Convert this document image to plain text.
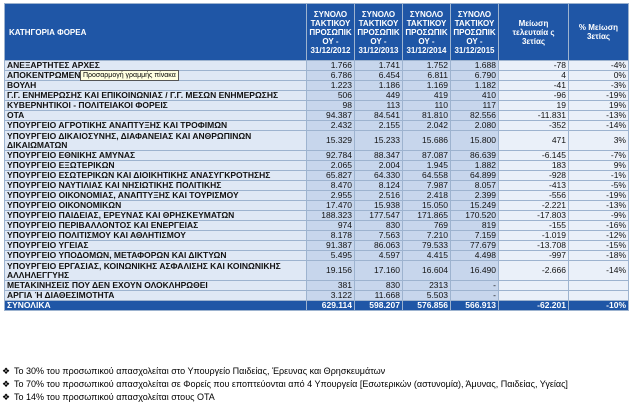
ΚΑΤΗΓΟΡΙΑ ΦΟΡΕΑ	ΣΥΝΟΛΟ ΤΑΚΤΙΚΟΥ ΠΡΟΣΩΠΙΚ ΟΥ - 31/12/2012	ΣΥΝΟΛΟ ΤΑΚΤΙΚΟΥ ΠΡΟΣΩΠΙΚ ΟΥ - 31/12/2013	ΣΥΝΟΛΟ ΤΑΚΤΙΚΟΥ ΠΡΟΣΩΠΙΚ ΟΥ - 31/12/2014	ΣΥΝΟΛΟ ΤΑΚΤΙΚΟΥ ΠΡΟΣΩΠΙΚ ΟΥ - 31/12/2015	Μείωση τελευταία ς 3ετίας	% Μείωση 3ετίας
ΑΝΕΞΑΡΤΗΤΕΣ ΑΡΧΕΣ	1.766	1.741	1.752	1.688	-78	-4%
ΑΠΟΚΕΝΤΡΩΜΕΝ	6.786	6.454	6.811	6.790	4	0%
ΒΟΥΛΗ	1.223	1.186	1.169	1.182	-41	-3%
Γ.Γ. ΕΝΗΜΕΡΩΣΗΣ ΚΑΙ ΕΠΙΚΟΙΝΩΝΙΑΣ / Γ.Γ. ΜΕΣΩΝ ΕΝΗΜΕΡΩΣΗΣ	506	449	419	410	-96	-19%
ΚΥΒΕΡΝΗΤΙΚΟΙ - ΠΟΛΙΤΕΙΑΚΟΙ ΦΟΡΕΙΣ	98	113	110	117	19	19%
ΟΤΑ	94.387	84.541	81.810	82.556	-11.831	-13%
ΥΠΟΥΡΓΕΙΟ ΑΓΡΟΤΙΚΗΣ ΑΝΑΠΤΥΞΗΣ ΚΑΙ ΤΡΟΦΙΜΩΝ	2.432	2.155	2.042	2.080	-352	-14%
ΥΠΟΥΡΓΕΙΟ ΔΙΚΑΙΟΣΥΝΗΣ, ΔΙΑΦΑΝΕΙΑΣ ΚΑΙ ΑΝΘΡΩΠΙΝΩΝ ΔΙΚΑΙΩΜΑΤΩΝ	15.329	15.233	15.686	15.800	471	3%
ΥΠΟΥΡΓΕΙΟ ΕΘΝΙΚΗΣ ΑΜΥΝΑΣ	92.784	88.347	87.087	86.639	-6.145	-7%
ΥΠΟΥΡΓΕΙΟ ΕΞΩΤΕΡΙΚΩΝ	2.065	2.004	1.945	1.882	183	9%
ΥΠΟΥΡΓΕΙΟ ΕΣΩΤΕΡΙΚΩΝ ΚΑΙ ΔΙΟΙΚΗΤΙΚΗΣ ΑΝΑΣΥΓΚΡΟΤΗΣΗΣ	65.827	64.330	64.558	64.899	-928	-1%
ΥΠΟΥΡΓΕΙΟ ΝΑΥΤΙΛΙΑΣ ΚΑΙ ΝΗΣΙΩΤΙΚΗΣ ΠΟΛΙΤΙΚΗΣ	8.470	8.124	7.987	8.057	-413	-5%
ΥΠΟΥΡΓΕΙΟ ΟΙΚΟΝΟΜΙΑΣ, ΑΝΑΠΤΥΞΗΣ ΚΑΙ ΤΟΥΡΙΣΜΟΥ	2.955	2.516	2.418	2.399	-556	-19%
ΥΠΟΥΡΓΕΙΟ ΟΙΚΟΝΟΜΙΚΩΝ	17.470	15.938	15.050	15.249	-2.221	-13%
ΥΠΟΥΡΓΕΙΟ ΠΑΙΔΕΙΑΣ, ΕΡΕΥΝΑΣ ΚΑΙ ΘΡΗΣΚΕΥΜΑΤΩΝ	188.323	177.547	171.865	170.520	-17.803	-9%
ΥΠΟΥΡΓΕΙΟ ΠΕΡΙΒΑΛΛΟΝΤΟΣ ΚΑΙ ΕΝΕΡΓΕΙΑΣ	974	830	769	819	-155	-16%
ΥΠΟΥΡΓΕΙΟ ΠΟΛΙΤΙΣΜΟΥ ΚΑΙ ΑΘΛΗΤΙΣΜΟΥ	8.178	7.563	7.210	7.159	-1.019	-12%
ΥΠΟΥΡΓΕΙΟ ΥΓΕΙΑΣ	91.387	86.063	79.533	77.679	-13.708	-15%
ΥΠΟΥΡΓΕΙΟ ΥΠΟΔΟΜΩΝ, ΜΕΤΑΦΟΡΩΝ ΚΑΙ ΔΙΚΤΥΩΝ	5.495	4.597	4.415	4.498	-997	-18%
ΥΠΟΥΡΓΕΙΟ ΕΡΓΑΣΙΑΣ, ΚΟΙΝΩΝΙΚΗΣ ΑΣΦΑΛΙΣΗΣ ΚΑΙ ΚΟΙΝΩΝΙΚΗΣ ΑΛΛΗΛΕΓΓΥΗΣ	19.156	17.160	16.604	16.490	-2.666	-14%
ΜΕΤΑΚΙΝΗΣΕΙΣ ΠΟΥ ΔΕΝ ΕΧΟΥΝ ΟΛΟΚΛΗΡΩΘΕΙ	381	830	2313	-		
ΑΡΓΙΑ Ή ΔΙΑΘΕΣΙΜΟΤΗΤΑ	3.122	11.668	5.503	-		
ΣΥΝΟΛΙΚΑ	629.114	598.207	576.856	566.913	-62.201	-10%
Προσαρμογή γραμμής πίνακα
❖ Το 30% του προσωπικού απασχολείται στο Υπουργείο Παιδείας, Έρευνας και Θρησκευμάτων
❖ Το 70% του προσωπικού απασχολείται σε Φορείς που εποπτεύονται από 4 Υπουργεία [Εσωτερικών (αστυνομία), Άμυνας, Παιδείας, Υγείας]
❖ Το 14% του προσωπικού απασχολείται στους ΟΤΑ
